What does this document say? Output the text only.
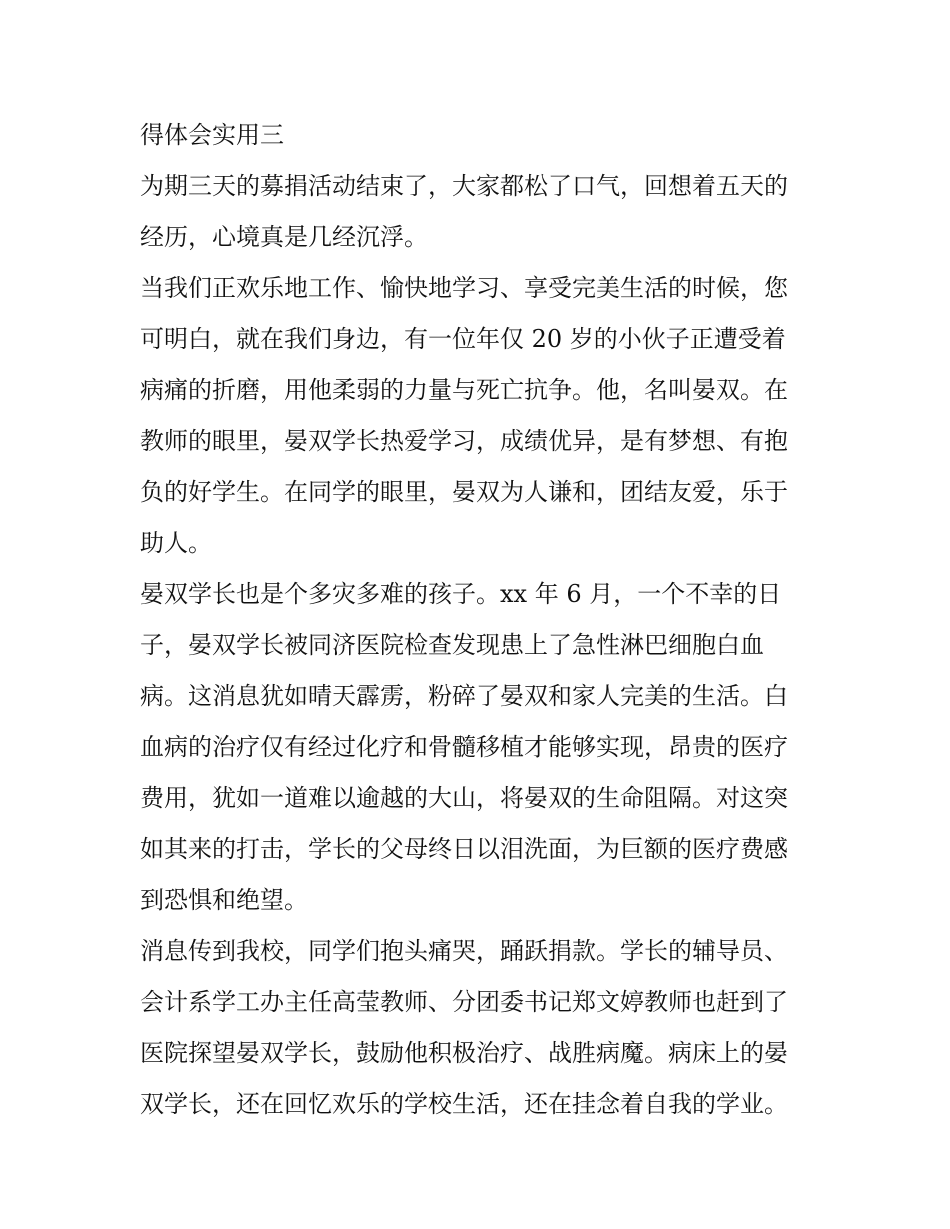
得体会实用三
为期三天的募捐活动结束了，大家都松了口气，回想着五天的
经历，心境真是几经沉浮。
当我们正欢乐地工作、愉快地学习、享受完美生活的时候，您
可明白，就在我们身边，有一位年仅 20 岁的小伙子正遭受着
病痛的折磨，用他柔弱的力量与死亡抗争。他，名叫晏双。在
教师的眼里，晏双学长热爱学习，成绩优异，是有梦想、有抱
负的好学生。在同学的眼里，晏双为人谦和，团结友爱，乐于
助人。
晏双学长也是个多灾多难的孩子。xx 年 6 月，一个不幸的日
子，晏双学长被同济医院检查发现患上了急性淋巴细胞白血
病。这消息犹如晴天霹雳，粉碎了晏双和家人完美的生活。白
血病的治疗仅有经过化疗和骨髓移植才能够实现，昂贵的医疗
费用，犹如一道难以逾越的大山，将晏双的生命阻隔。对这突
如其来的打击，学长的父母终日以泪洗面，为巨额的医疗费感
到恐惧和绝望。
消息传到我校，同学们抱头痛哭，踊跃捐款。学长的辅导员、
会计系学工办主任高莹教师、分团委书记郑文婷教师也赶到了
医院探望晏双学长，鼓励他积极治疗、战胜病魔。病床上的晏
双学长，还在回忆欢乐的学校生活，还在挂念着自我的学业。
